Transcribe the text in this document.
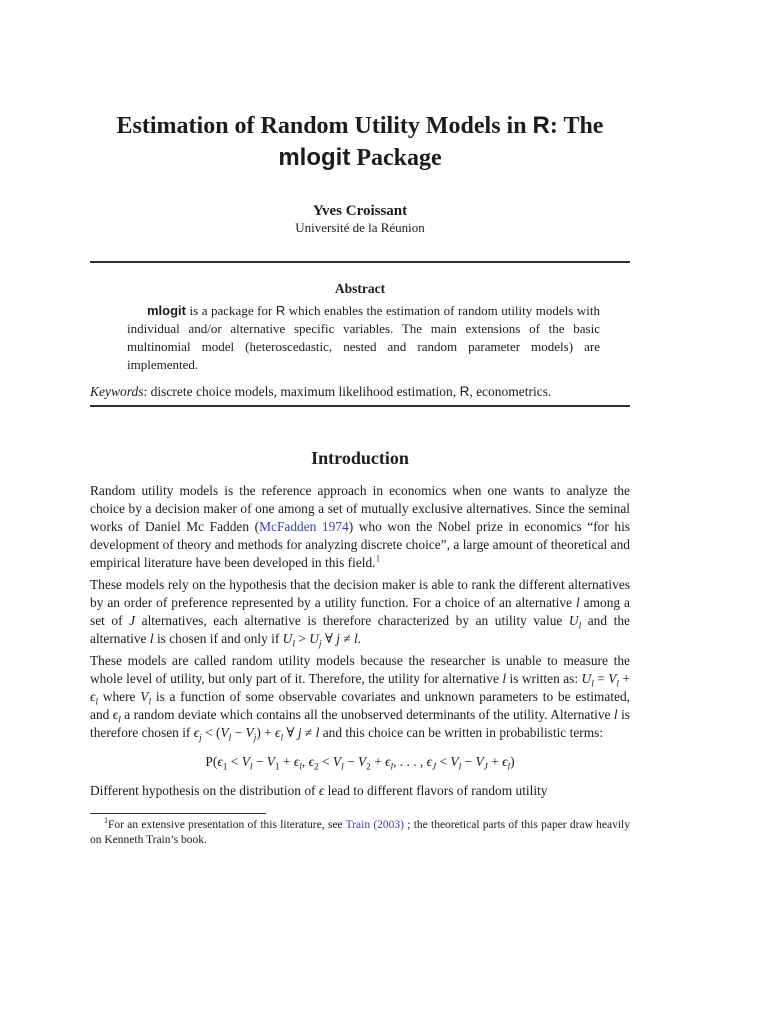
Estimation of Random Utility Models in R: The
mlogit Package
Yves Croissant
Université de la Réunion
Abstract
mlogit is a package for R which enables the estimation of random utility models with individual and/or alternative specific variables. The main extensions of the basic multinomial model (heteroscedastic, nested and random parameter models) are implemented.
Keywords: discrete choice models, maximum likelihood estimation, R, econometrics.
Introduction

Random utility models is the reference approach in economics when one wants to analyze the choice by a decision maker of one among a set of mutually exclusive alternatives. Since the seminal works of Daniel Mc Fadden (McFadden 1974) who won the Nobel prize in economics “for his development of theory and methods for analyzing discrete choice”, a large amount of theoretical and empirical literature have been developed in this field.$^1$

These models rely on the hypothesis that the decision maker is able to rank the different alternatives by an order of preference represented by a utility function. For a choice of an alternative l among a set of J alternatives, each alternative is therefore characterized by an utility value $U_l$ and the alternative l is chosen if and only if $U_l > U_j$ ∀ j ≠ l.

These models are called random utility models because the researcher is unable to measure the whole level of utility, but only part of it. Therefore, the utility for alternative l is written as: $U_l = V_l + \epsilon_l$ where $V_l$ is a function of some observable covariates and unknown parameters to be estimated, and $\epsilon_l$ a random deviate which contains all the unobserved determinants of the utility. Alternative l is therefore chosen if $\epsilon_j < (V_l - V_j) + \epsilon_l$ ∀ j ≠ l and this choice can be written in probabilistic terms:

$P(\epsilon_1 < V_l - V_1 + \epsilon_l$, $\epsilon_2 < V_l - V_2 + \epsilon_l$, . . . , $\epsilon_J < V_l - V_J + \epsilon_l$)

Different hypothesis on the distribution of ϵ lead to different flavors of random utility

$^1$For an extensive presentation of this literature, see Train (2003) ; the theoretical parts of this paper draw heavily on Kenneth Train’s book.
